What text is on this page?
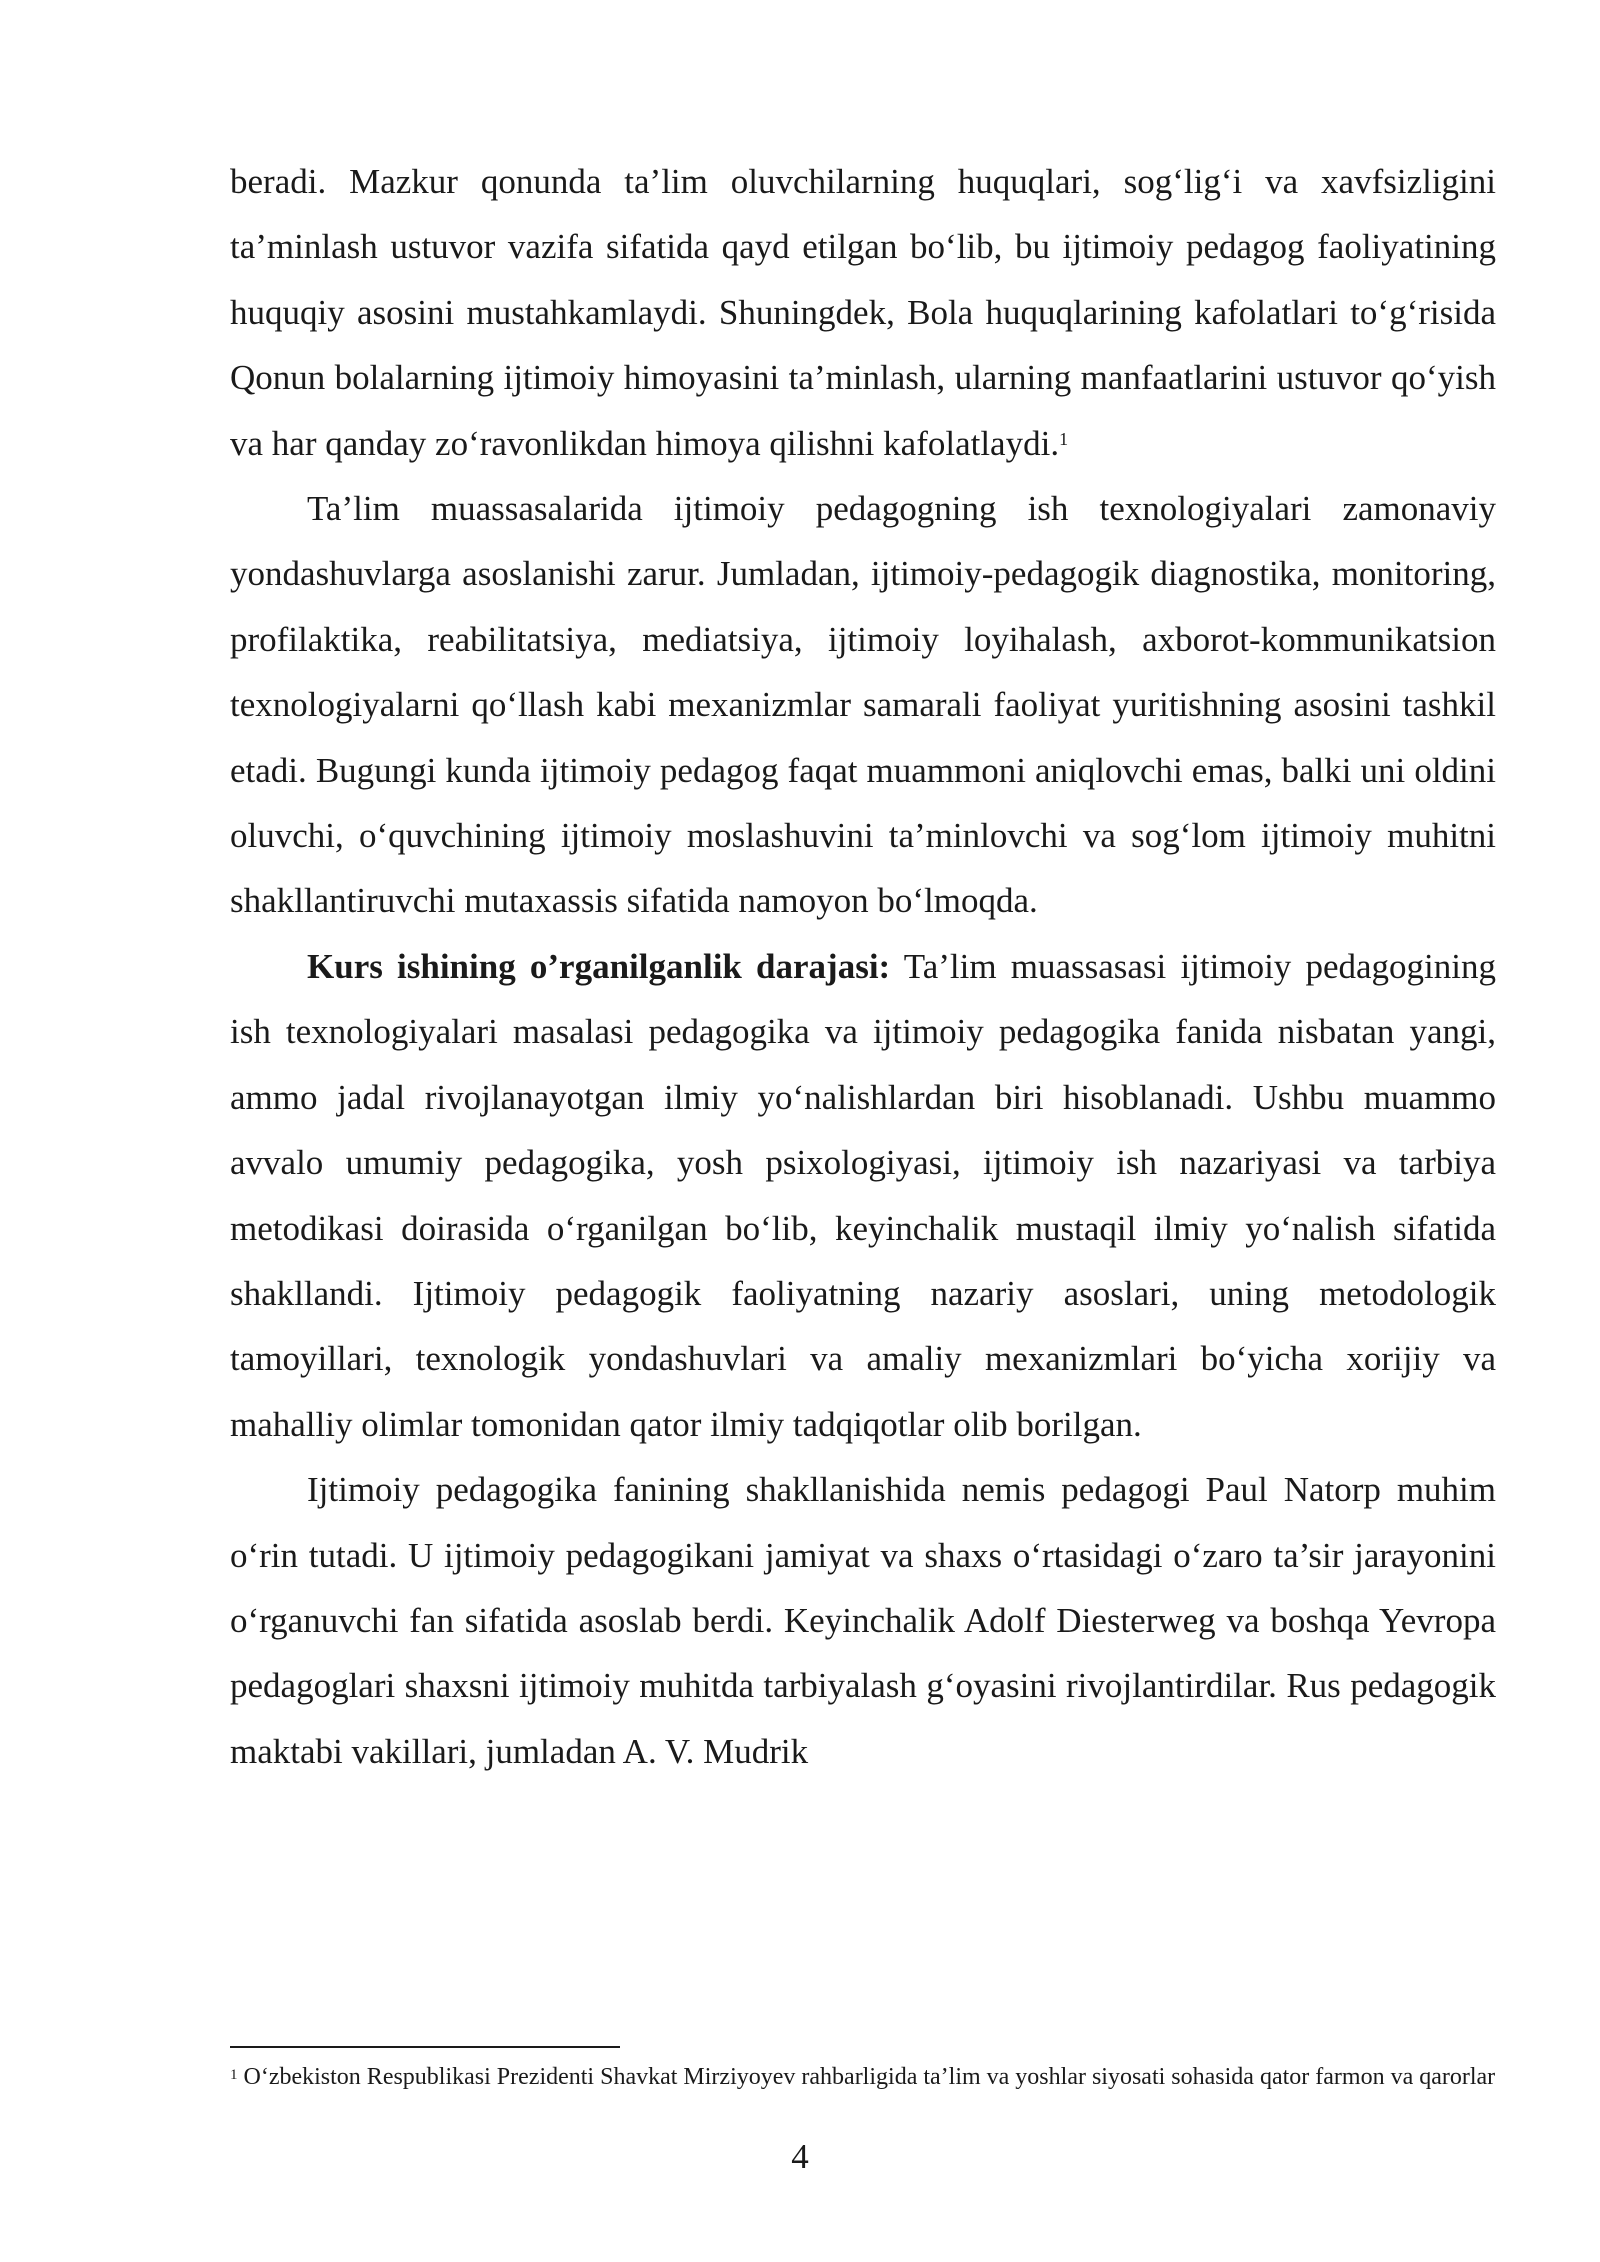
beradi. Mazkur qonunda ta’lim oluvchilarning huquqlari, sog‘lig‘i va xavfsizligini ta’minlash ustuvor vazifa sifatida qayd etilgan bo‘lib, bu ijtimoiy pedagog faoliyatining huquqiy asosini mustahkamlaydi. Shuningdek, Bola huquqlarining kafolatlari to‘g‘risida Qonun bolalarning ijtimoiy himoyasini ta’minlash, ularning manfaatlarini ustuvor qo‘yish va har qanday zo‘ravonlikdan himoya qilishni kafolatlaydi.$^1$

Ta’lim muassasalarida ijtimoiy pedagogning ish texnologiyalari zamonaviy yondashuvlarga asoslanishi zarur. Jumladan, ijtimoiy-pedagogik diagnostika, monitoring, profilaktika, reabilitatsiya, mediatsiya, ijtimoiy loyihalash, axborot-kommunikatsion texnologiyalarni qo‘llash kabi mexanizmlar samarali faoliyat yuritishning asosini tashkil etadi. Bugungi kunda ijtimoiy pedagog faqat muammoni aniqlovchi emas, balki uni oldini oluvchi, o‘quvchining ijtimoiy moslashuvini ta’minlovchi va sog‘lom ijtimoiy muhitni shakllantiruvchi mutaxassis sifatida namoyon bo‘lmoqda.

Kurs ishining o’rganilganlik darajasi: Ta’lim muassasasi ijtimoiy pedagogining ish texnologiyalari masalasi pedagogika va ijtimoiy pedagogika fanida nisbatan yangi, ammo jadal rivojlanayotgan ilmiy yo‘nalishlardan biri hisoblanadi. Ushbu muammo avvalo umumiy pedagogika, yosh psixologiyasi, ijtimoiy ish nazariyasi va tarbiya metodikasi doirasida o‘rganilgan bo‘lib, keyinchalik mustaqil ilmiy yo‘nalish sifatida shakllandi. Ijtimoiy pedagogik faoliyatning nazariy asoslari, uning metodologik tamoyillari, texnologik yondashuvlari va amaliy mexanizmlari bo‘yicha xorijiy va mahalliy olimlar tomonidan qator ilmiy tadqiqotlar olib borilgan.

Ijtimoiy pedagogika fanining shakllanishida nemis pedagogi Paul Natorp muhim o‘rin tutadi. U ijtimoiy pedagogikani jamiyat va shaxs o‘rtasidagi o‘zaro ta’sir jarayonini o‘rganuvchi fan sifatida asoslab berdi. Keyinchalik Adolf Diesterweg va boshqa Yevropa pedagoglari shaxsni ijtimoiy muhitda tarbiyalash g‘oyasini rivojlantirdilar. Rus pedagogik maktabi vakillari, jumladan A. V. Mudrik

$^1$ O‘zbekiston Respublikasi Prezidenti Shavkat Mirziyoyev rahbarligida ta’lim va yoshlar siyosati sohasida qator farmon va qarorlar
4
